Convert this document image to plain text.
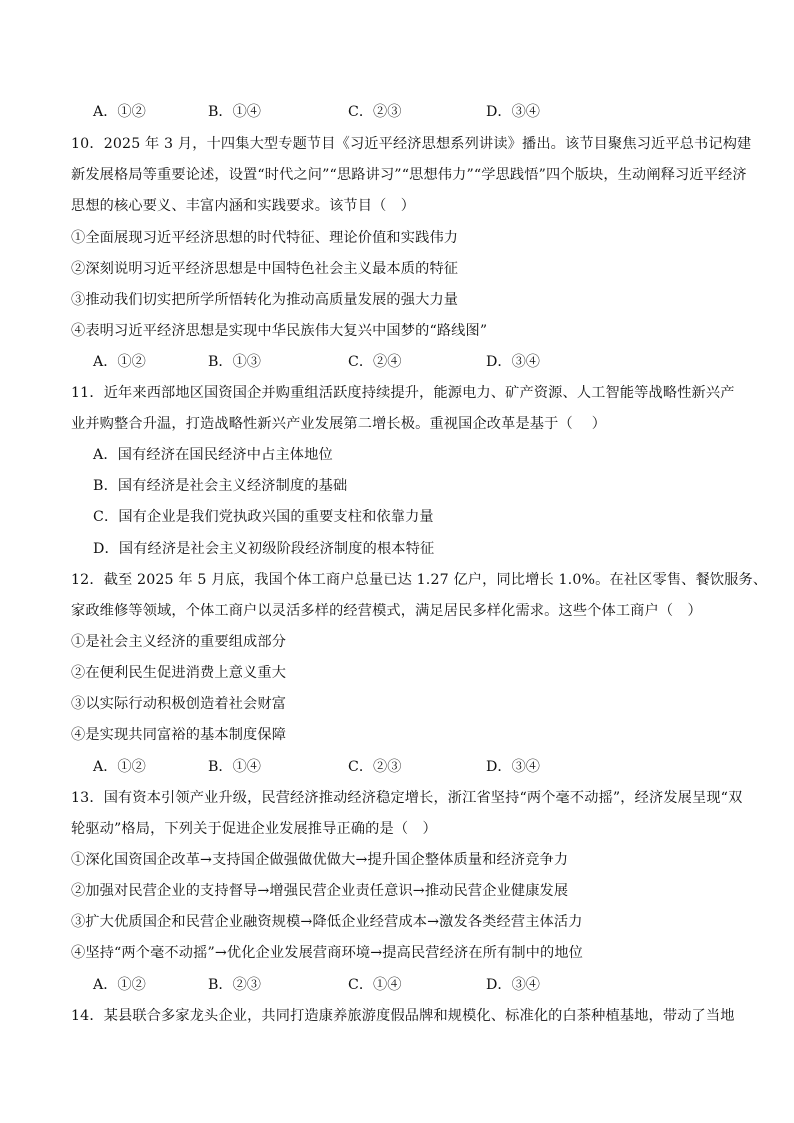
A．①②	B．①④	C．②③	D．③④
10．2025 年 3 月，十四集大型专题节目《习近平经济思想系列讲读》播出。该节目聚焦习近平总书记构建
新发展格局等重要论述，设置“时代之问”“思路讲习”“思想伟力”“学思践悟”四个版块，生动阐释习近平经济
思想的核心要义、丰富内涵和实践要求。该节目（　）
①全面展现习近平经济思想的时代特征、理论价值和实践伟力
②深刻说明习近平经济思想是中国特色社会主义最本质的特征
③推动我们切实把所学所悟转化为推动高质量发展的强大力量
④表明习近平经济思想是实现中华民族伟大复兴中国梦的“路线图”
A．①②	B．①③	C．②④	D．③④
11．近年来西部地区国资国企并购重组活跃度持续提升，能源电力、矿产资源、人工智能等战略性新兴产
业并购整合升温，打造战略性新兴产业发展第二增长极。重视国企改革是基于（　 ）
A．国有经济在国民经济中占主体地位
B．国有经济是社会主义经济制度的基础
C．国有企业是我们党执政兴国的重要支柱和依靠力量
D．国有经济是社会主义初级阶段经济制度的根本特征
12．截至 2025 年 5 月底，我国个体工商户总量已达 1.27 亿户，同比增长 1.0%。在社区零售、餐饮服务、
家政维修等领域，个体工商户以灵活多样的经营模式，满足居民多样化需求。这些个体工商户（　）
①是社会主义经济的重要组成部分
②在便利民生促进消费上意义重大
③以实际行动积极创造着社会财富
④是实现共同富裕的基本制度保障
A．①②	B．①④	C．②③	D．③④
13．国有资本引领产业升级，民营经济推动经济稳定增长，浙江省坚持“两个毫不动摇”，经济发展呈现“双
轮驱动”格局，下列关于促进企业发展推导正确的是（　）
①深化国资国企改革→支持国企做强做优做大→提升国企整体质量和经济竞争力
②加强对民营企业的支持督导→增强民营企业责任意识→推动民营企业健康发展
③扩大优质国企和民营企业融资规模→降低企业经营成本→激发各类经营主体活力
④坚持“两个毫不动摇”→优化企业发展营商环境→提高民营经济在所有制中的地位
A．①②	B．②③	C．①④	D．③④
14．某县联合多家龙头企业，共同打造康养旅游度假品牌和规模化、标准化的白茶种植基地，带动了当地
